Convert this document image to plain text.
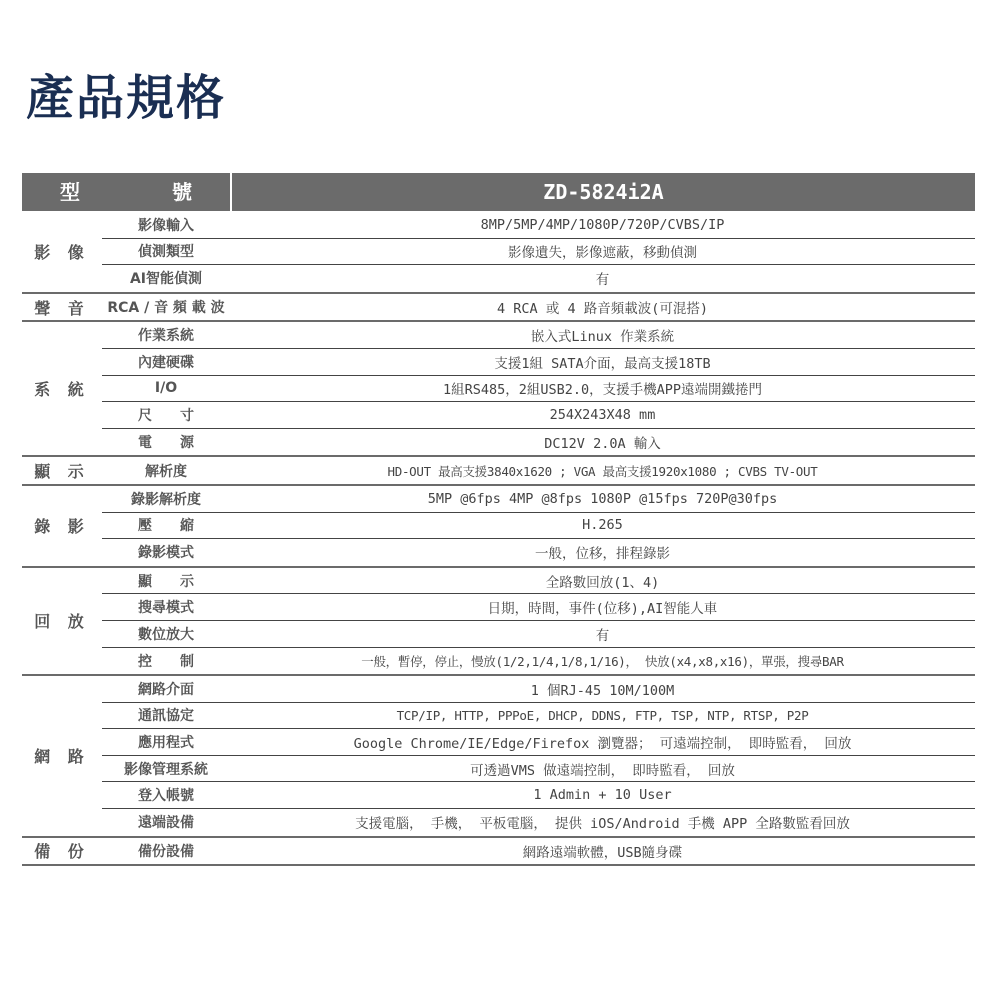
產品規格
型　號	ZD-5824i2A
影 像
影像輸入	8MP/5MP/4MP/1080P/720P/CVBS/IP
偵測類型	影像遺失，影像遮蔽，移動偵測
AI智能偵測	有
聲 音	RCA / 音 頻 載 波	4 RCA 或 4 路音頻載波(可混搭)
系 統
作業系統	嵌入式Linux 作業系統
內建硬碟	支援1組 SATA介面，最高支援18TB
I/O	1組RS485，2組USB2.0，支援手機APP遠端開鐵捲門
尺　　寸	254X243X48 mm
電　　源	DC12V 2.0A 輸入
顯 示	解析度	HD-OUT 最高支援3840x1620 ; VGA 最高支援1920x1080 ; CVBS TV-OUT
錄 影
錄影解析度	5MP @6fps 4MP @8fps 1080P @15fps 720P@30fps
壓　　縮	H.265
錄影模式	一般，位移，排程錄影
回 放
顯　　示	全路數回放(1、4)
搜尋模式	日期，時間，事件(位移),AI智能人車
數位放大	有
控　　制	一般，暫停，停止，慢放(1/2,1/4,1/8,1/16)， 快放(x4,x8,x16)，單張，搜尋BAR
網 路
網路介面	1 個RJ-45 10M/100M
通訊協定	TCP/IP, HTTP, PPPoE, DHCP, DDNS, FTP, TSP, NTP, RTSP, P2P
應用程式	Google Chrome/IE/Edge/Firefox 瀏覽器； 可遠端控制， 即時監看， 回放
影像管理系統	可透過VMS 做遠端控制， 即時監看， 回放
登入帳號	1 Admin + 10 User
遠端設備	支援電腦， 手機， 平板電腦， 提供 iOS/Android 手機 APP 全路數監看回放
備 份	備份設備	網路遠端軟體，USB隨身碟
